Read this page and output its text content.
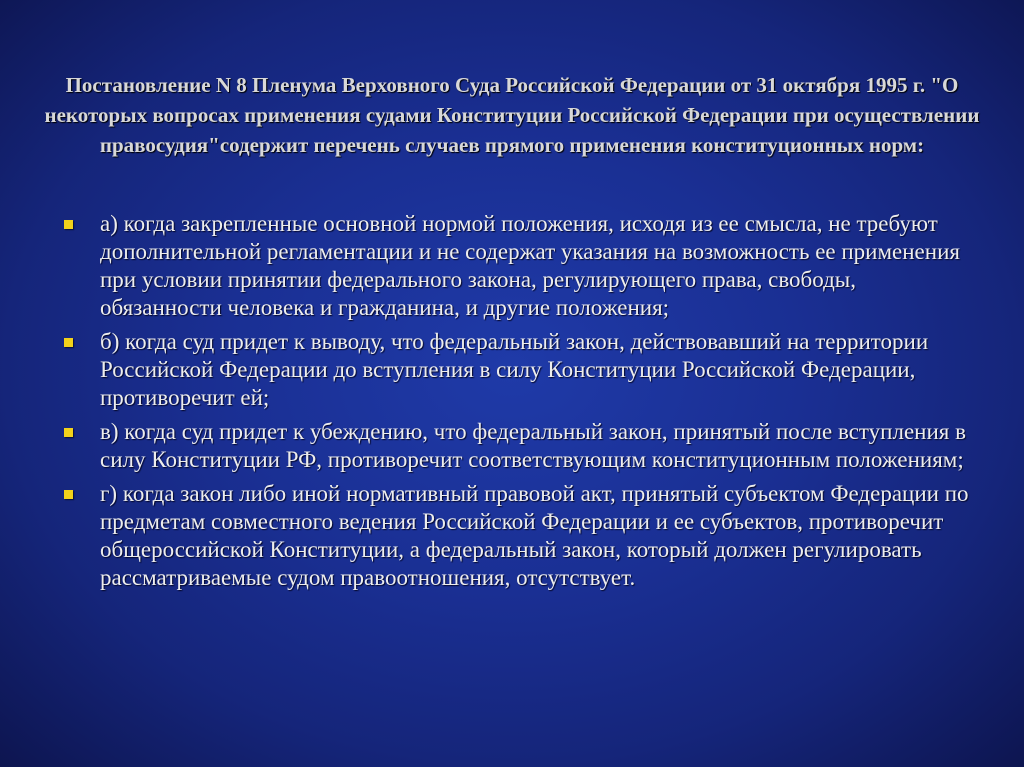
Постановление N 8 Пленума Верховного Суда Российской Федерации от 31 октября 1995 г. "О некоторых вопросах применения судами Конституции Российской Федерации при осуществлении правосудия"содержит перечень случаев прямого применения конституционных норм:
а) когда закрепленные основной нормой положения, исходя из ее смысла, не требуют дополнительной регламентации и не содержат указания на возможность ее применения при условии принятии федерального закона, регулирующего права, свободы, обязанности человека и гражданина, и другие положения;
б) когда суд придет к выводу, что федеральный закон, действовавший на территории Российской Федерации до вступления в силу Конституции Российской Федерации, противоречит ей;
в) когда суд придет к убеждению, что федеральный закон, принятый после вступления в силу Конституции РФ, противоречит соответствующим конституционным положениям;
г) когда закон либо иной нормативный правовой акт, принятый субъектом Федерации по предметам совместного ведения Российской Федерации и ее субъектов, противоречит общероссийской Конституции, а федеральный закон, который должен регулировать рассматриваемые судом правоотношения, отсутствует.
